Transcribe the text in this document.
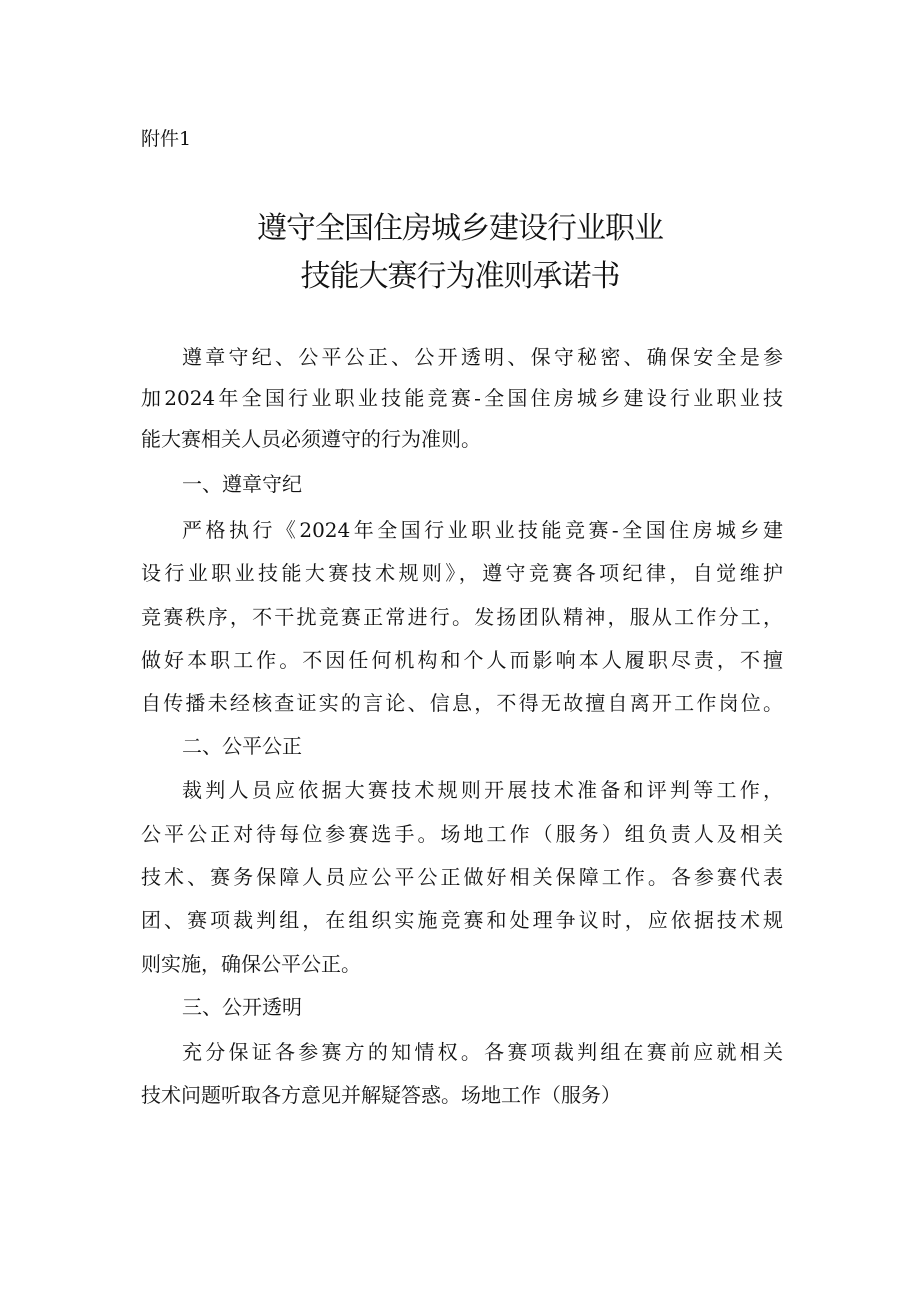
附件1
遵守全国住房城乡建设行业职业
技能大赛行为准则承诺书
遵章守纪、公平公正、公开透明、保守秘密、确保安全是参
加2024年全国行业职业技能竞赛-全国住房城乡建设行业职业技
能大赛相关人员必须遵守的行为准则。
一、遵章守纪
严格执行《2024年全国行业职业技能竞赛-全国住房城乡建
设行业职业技能大赛技术规则》，遵守竞赛各项纪律，自觉维护
竞赛秩序，不干扰竞赛正常进行。发扬团队精神，服从工作分工，
做好本职工作。不因任何机构和个人而影响本人履职尽责，不擅
自传播未经核查证实的言论、信息，不得无故擅自离开工作岗位。
二、公平公正
裁判人员应依据大赛技术规则开展技术准备和评判等工作，
公平公正对待每位参赛选手。场地工作（服务）组负责人及相关
技术、赛务保障人员应公平公正做好相关保障工作。各参赛代表
团、赛项裁判组，在组织实施竞赛和处理争议时，应依据技术规
则实施，确保公平公正。
三、公开透明
充分保证各参赛方的知情权。各赛项裁判组在赛前应就相关
技术问题听取各方意见并解疑答惑。场地工作（服务）
